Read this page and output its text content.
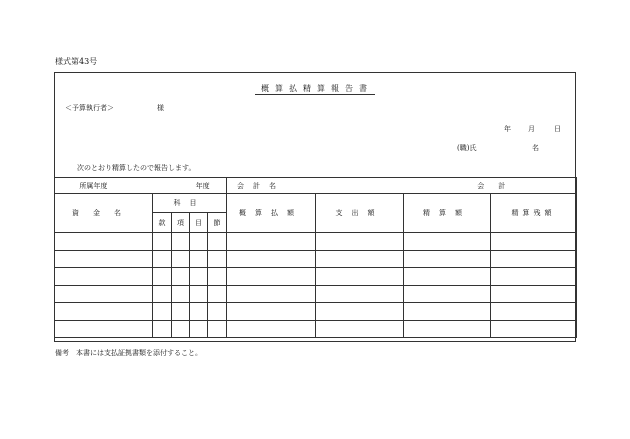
様式第43号
概算払精算報告書
＜予算執行者＞	様
年 月	日
(職)氏	名
次のとおり精算したので報告します。
所属年度 年度					会計名 会計			
資金名	科目				概算払額	支出額	精算額	精算残額
	款	項	目	節				

備考　本書には支払証拠書類を添付すること。
